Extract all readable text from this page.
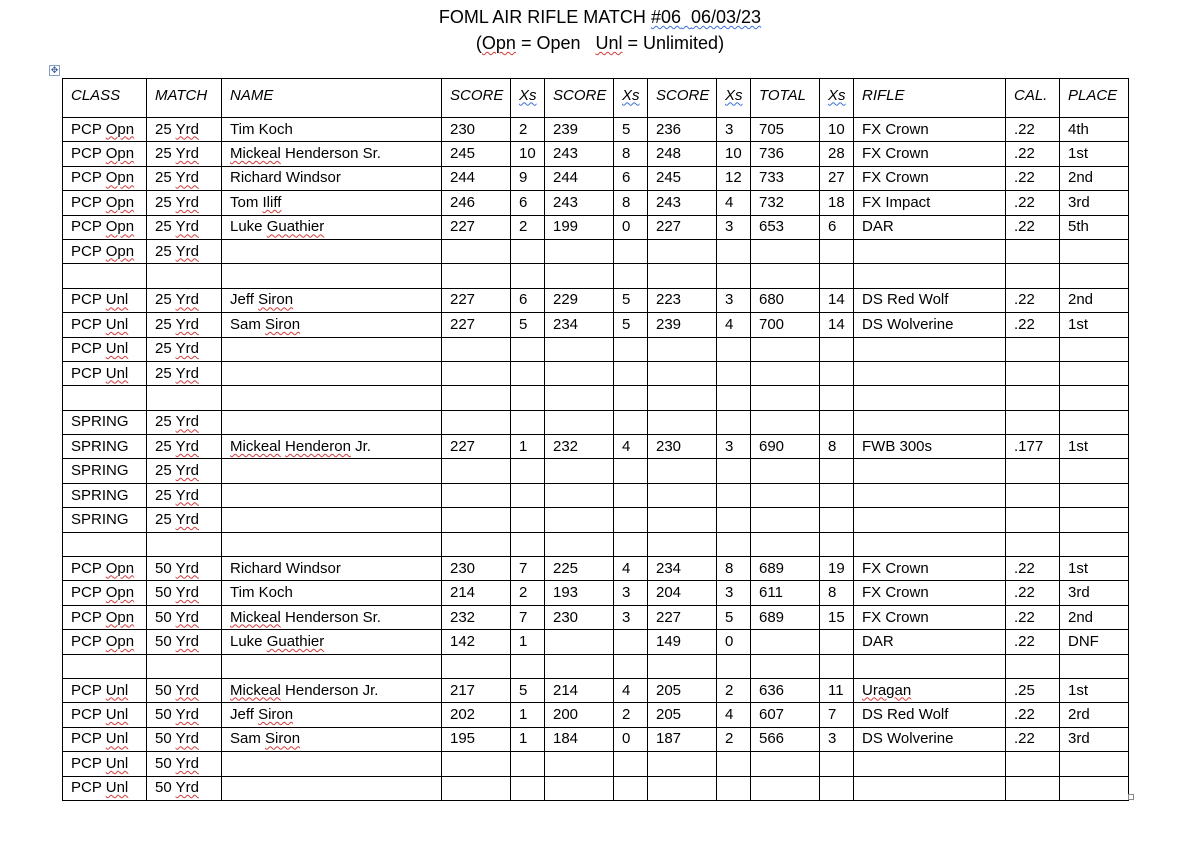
FOML AIR RIFLE MATCH #06 06/03/23
(Opn = Open   Unl = Unlimited)
✥
CLASS	MATCH	NAME	SCORE	Xs	SCORE	Xs	SCORE	Xs	TOTAL	Xs	RIFLE	CAL.	PLACE
PCP Opn	25 Yrd	Tim Koch	230	2	239	5	236	3	705	10	FX Crown	.22	4th
PCP Opn	25 Yrd	Mickeal Henderson Sr.	245	10	243	8	248	10	736	28	FX Crown	.22	1st
PCP Opn	25 Yrd	Richard Windsor	244	9	244	6	245	12	733	27	FX Crown	.22	2nd
PCP Opn	25 Yrd	Tom Iliff	246	6	243	8	243	4	732	18	FX Impact	.22	3rd
PCP Opn	25 Yrd	Luke Guathier	227	2	199	0	227	3	653	6	DAR	.22	5th
PCP Opn	25 Yrd												

PCP Unl	25 Yrd	Jeff Siron	227	6	229	5	223	3	680	14	DS Red Wolf	.22	2nd
PCP Unl	25 Yrd	Sam Siron	227	5	234	5	239	4	700	14	DS Wolverine	.22	1st
PCP Unl	25 Yrd												
PCP Unl	25 Yrd												

SPRING	25 Yrd												
SPRING	25 Yrd	Mickeal Henderon Jr.	227	1	232	4	230	3	690	8	FWB 300s	.177	1st
SPRING	25 Yrd												
SPRING	25 Yrd												
SPRING	25 Yrd												

PCP Opn	50 Yrd	Richard Windsor	230	7	225	4	234	8	689	19	FX Crown	.22	1st
PCP Opn	50 Yrd	Tim Koch	214	2	193	3	204	3	611	8	FX Crown	.22	3rd
PCP Opn	50 Yrd	Mickeal Henderson Sr.	232	7	230	3	227	5	689	15	FX Crown	.22	2nd
PCP Opn	50 Yrd	Luke Guathier	142	1			149	0			DAR	.22	DNF

PCP Unl	50 Yrd	Mickeal Henderson Jr.	217	5	214	4	205	2	636	11	Uragan	.25	1st
PCP Unl	50 Yrd	Jeff Siron	202	1	200	2	205	4	607	7	DS Red Wolf	.22	2rd
PCP Unl	50 Yrd	Sam Siron	195	1	184	0	187	2	566	3	DS Wolverine	.22	3rd
PCP Unl	50 Yrd												
PCP Unl	50 Yrd												
